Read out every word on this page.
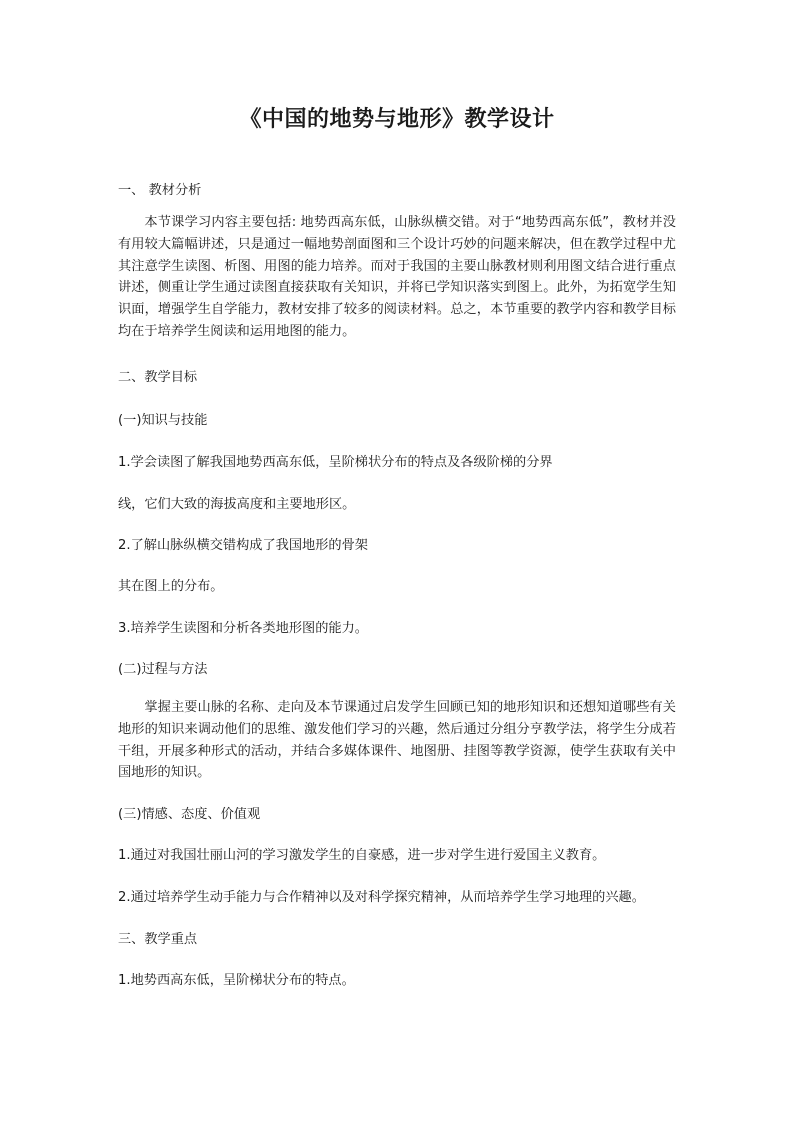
《中国的地势与地形》教学设计
一、 教材分析
本节课学习内容主要包括: 地势西高东低，山脉纵横交错。对于“地势西高东低”，教材并没有用较大篇幅讲述，只是通过一幅地势剖面图和三个设计巧妙的问题来解决，但在教学过程中尤其注意学生读图、析图、用图的能力培养。而对于我国的主要山脉教材则利用图文结合进行重点讲述，侧重让学生通过读图直接获取有关知识，并将已学知识落实到图上。此外，为拓宽学生知识面，增强学生自学能力，教材安排了较多的阅读材料。总之，本节重要的教学内容和教学目标均在于培养学生阅读和运用地图的能力。
二、教学目标
(一)知识与技能
1.学会读图了解我国地势西高东低，呈阶梯状分布的特点及各级阶梯的分界
线，它们大致的海拔高度和主要地形区。
2.了解山脉纵横交错构成了我国地形的骨架
其在图上的分布。
3.培养学生读图和分析各类地形图的能力。
(二)过程与方法
掌握主要山脉的名称、走向及本节课通过启发学生回顾已知的地形知识和还想知道哪些有关地形的知识来调动他们的思维、激发他们学习的兴趣，然后通过分组分亨教学法，将学生分成若干组，开展多种形式的活动，并结合多媒体课件、地图册、挂图等教学资源，使学生获取有关中国地形的知识。
(三)情感、态度、价值观
1.通过对我国壮丽山河的学习激发学生的自豪感，进一步对学生进行爱国主义教育。
2.通过培养学生动手能力与合作精神以及对科学探究精神，从而培养学生学习地理的兴趣。
三、教学重点
1.地势西高东低，呈阶梯状分布的特点。
